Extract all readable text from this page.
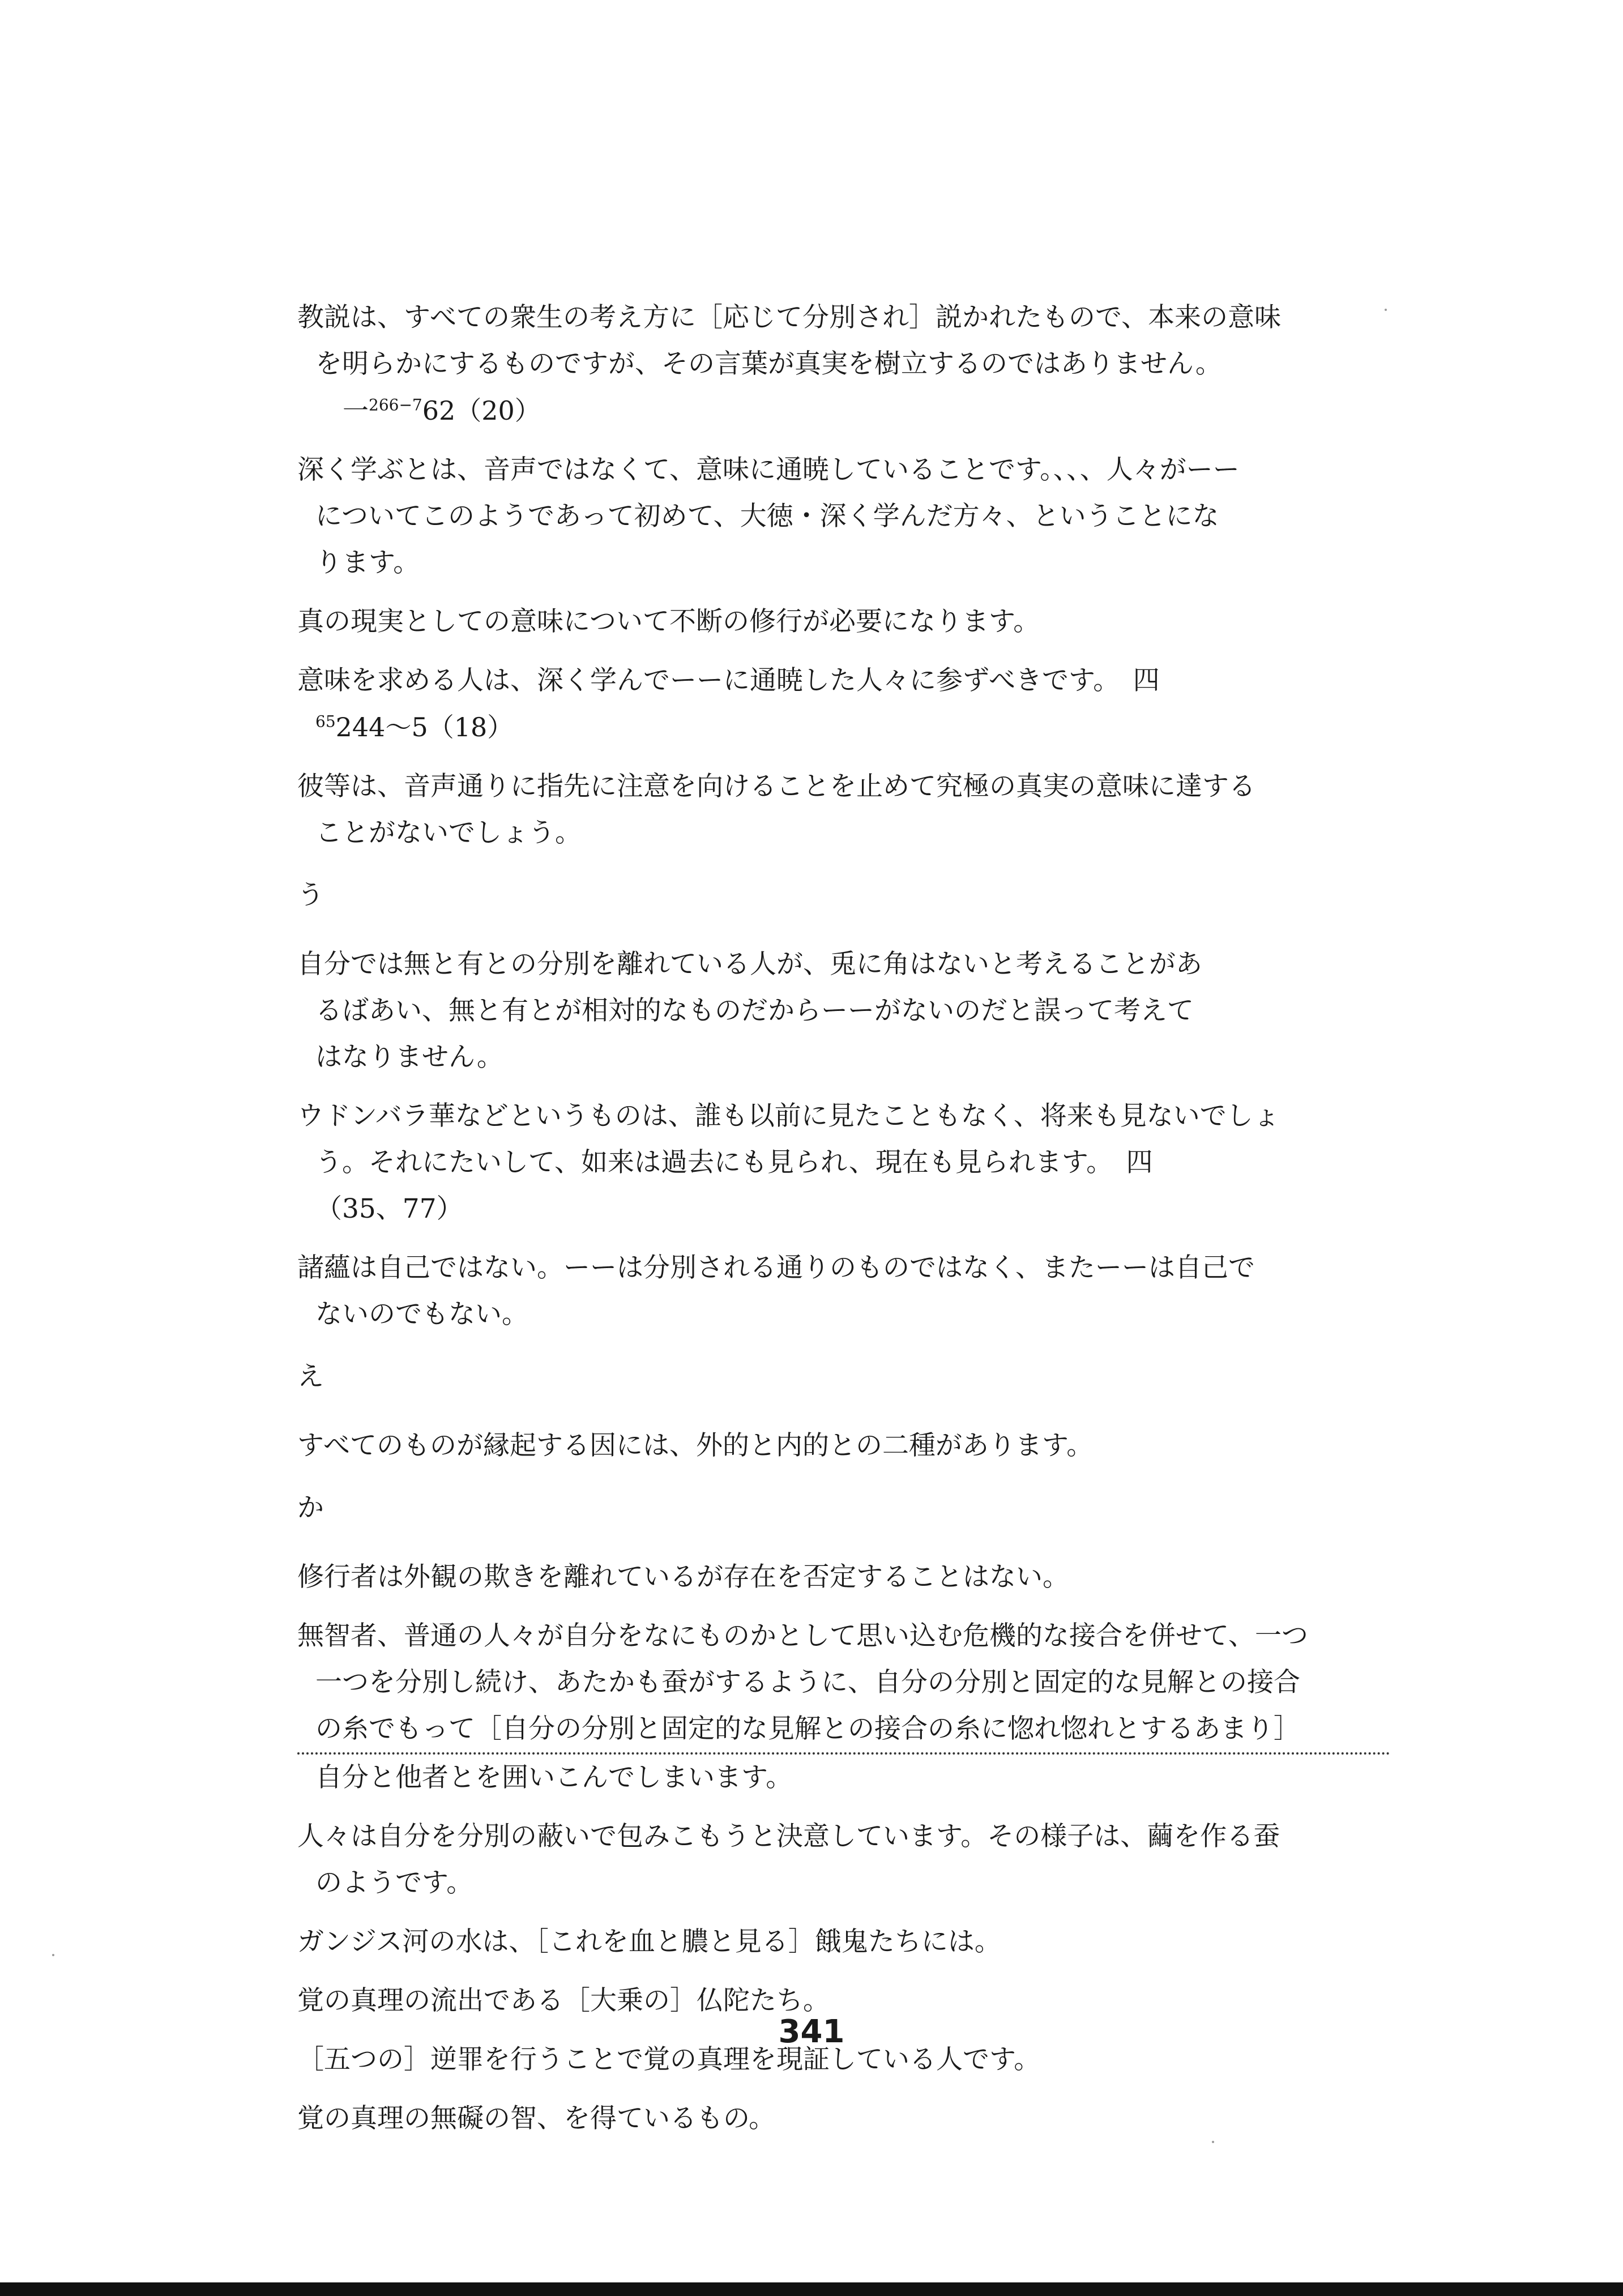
教説は、すべての衆生の考え方に［応じて分別され］説かれたもので、本来の意味
を明らかにするものですが、その言葉が真実を樹立するのではありません。
一$^{266-7}$62（20）
深く学ぶとは、音声ではなくて、意味に通暁していることです。、、、人々がーー
についてこのようであって初めて、大徳・深く学んだ方々、ということにな
ります。
真の現実としての意味について不断の修行が必要になります。
意味を求める人は、深く学んでーーに通暁した人々に参ずべきです。　四
$^{65}$244〜5（18）
彼等は、音声通りに指先に注意を向けることを止めて究極の真実の意味に達する
ことがないでしょう。
う
自分では無と有との分別を離れている人が、兎に角はないと考えることがあ
るばあい、無と有とが相対的なものだからーーがないのだと誤って考えて
はなりません。
ウドンバラ華などというものは、誰も以前に見たこともなく、将来も見ないでしょ
う。それにたいして、如来は過去にも見られ、現在も見られます。　四
（35、77）
諸蘊は自己ではない。ーーは分別される通りのものではなく、またーーは自己で
ないのでもない。
え
すべてのものが縁起する因には、外的と内的との二種があります。
か
修行者は外観の欺きを離れているが存在を否定することはない。
無智者、普通の人々が自分をなにものかとして思い込む危機的な接合を併せて、一つ
一つを分別し続け、あたかも蚕がするように、自分の分別と固定的な見解との接合
の糸でもって［自分の分別と固定的な見解との接合の糸に惚れ惚れとするあまり］
自分と他者とを囲いこんでしまいます。
人々は自分を分別の蔽いで包みこもうと決意しています。その様子は、繭を作る蚕
のようです。
ガンジス河の水は、［これを血と膿と見る］餓鬼たちには。
覚の真理の流出である［大乗の］仏陀たち。
［五つの］逆罪を行うことで覚の真理を現証している人です。
覚の真理の無礙の智、を得ているもの。
341
